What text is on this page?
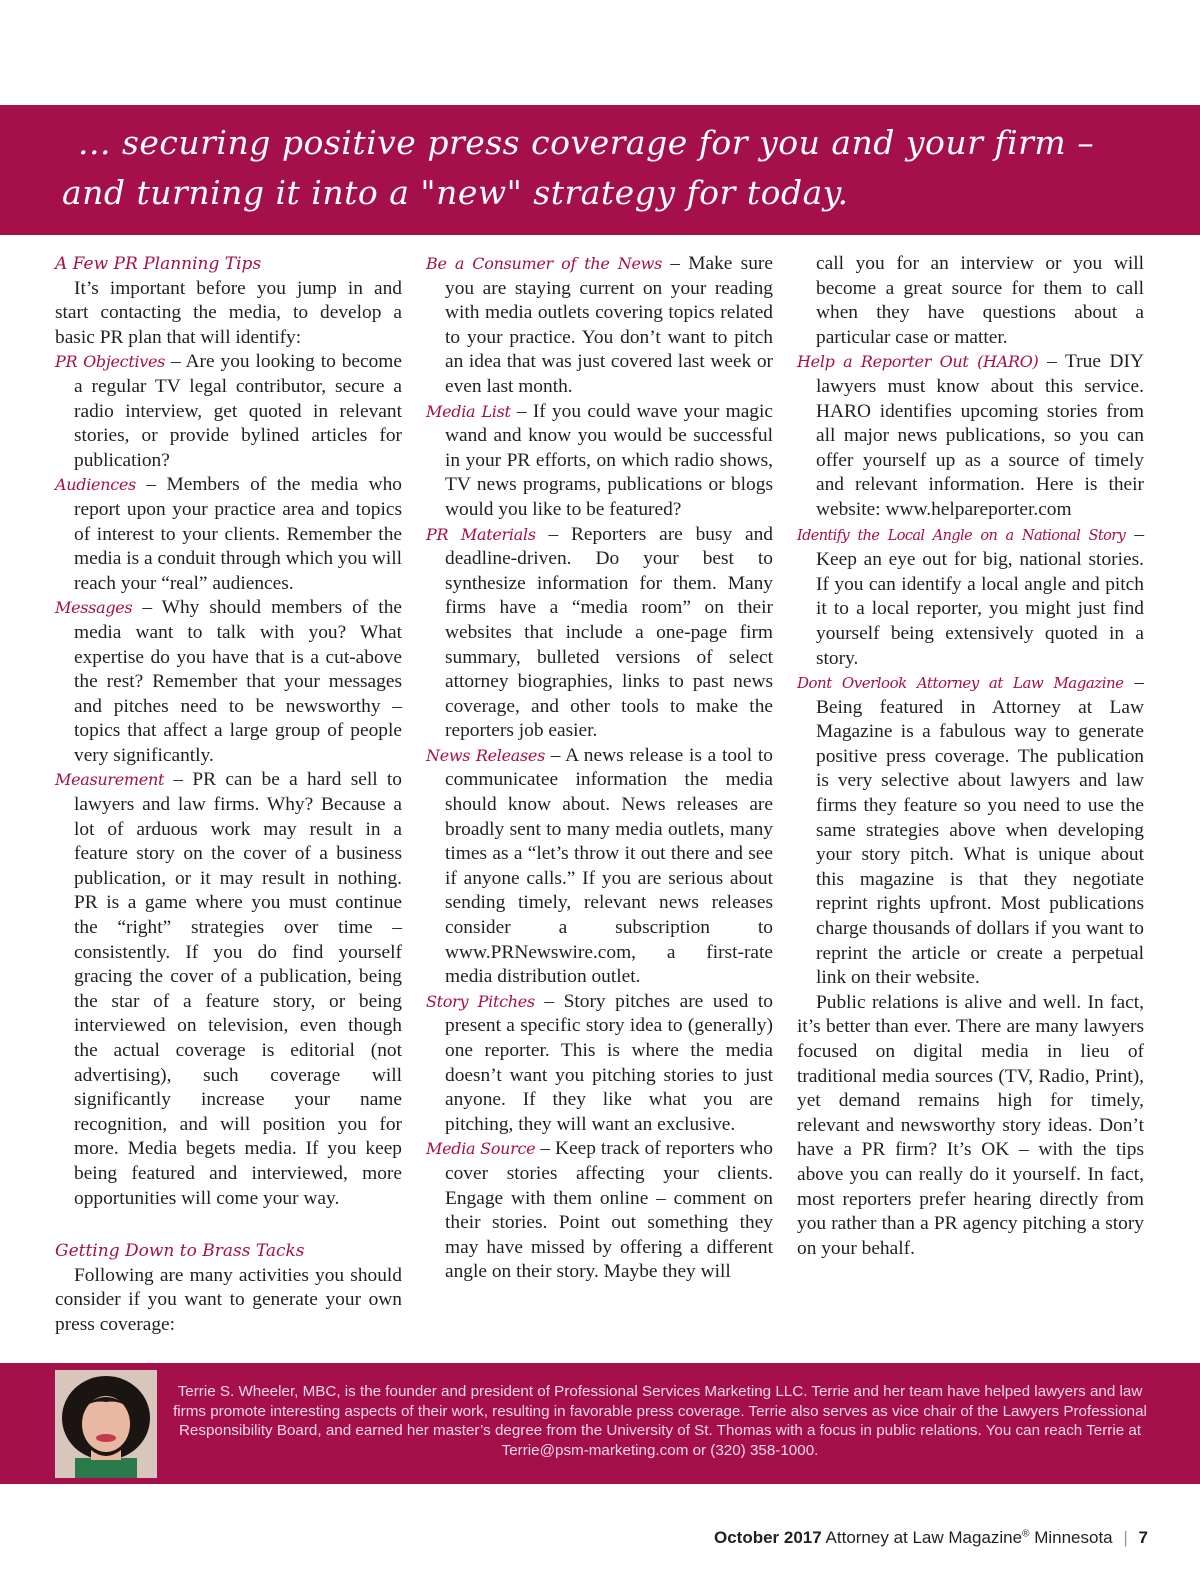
... securing positive press coverage for you and your firm –
and turning it into a "new" strategy for today.
A Few PR Planning Tips

It’s important before you jump in and start contacting the media, to develop a basic PR plan that will identify:

PR Objectives – Are you looking to become a regular TV legal contributor, secure a radio interview, get quoted in relevant stories, or provide bylined articles for publication?

Audiences – Members of the media who report upon your practice area and topics of interest to your clients. Remember the media is a conduit through which you will reach your “real” audiences.

Messages – Why should members of the media want to talk with you? What expertise do you have that is a cut-above the rest? Remember that your messages and pitches need to be newsworthy – topics that affect a large group of people very significantly.

Measurement – PR can be a hard sell to lawyers and law firms. Why? Because a lot of arduous work may result in a feature story on the cover of a business publication, or it may result in nothing. PR is a game where you must continue the “right” strategies over time – consistently. If you do find yourself gracing the cover of a publication, being the star of a feature story, or being interviewed on television, even though the actual coverage is editorial (not advertising), such coverage will significantly increase your name recognition, and will position you for more. Media begets media. If you keep being featured and interviewed, more opportunities will come your way.

Getting Down to Brass Tacks

Following are many activities you should consider if you want to generate your own press coverage:

Be a Consumer of the News – Make sure you are staying current on your reading with media outlets covering topics related to your practice. You don’t want to pitch an idea that was just covered last week or even last month.

Media List – If you could wave your magic wand and know you would be successful in your PR efforts, on which radio shows, TV news programs, publications or blogs would you like to be featured?

PR Materials – Reporters are busy and deadline-driven. Do your best to synthesize information for them. Many firms have a “media room” on their websites that include a one-page firm summary, bulleted versions of select attorney biographies, links to past news coverage, and other tools to make the reporters job easier.

News Releases – A news release is a tool to communicatee information the media should know about. News releases are broadly sent to many media outlets, many times as a “let’s throw it out there and see if anyone calls.” If you are serious about sending timely, relevant news releases consider a subscription to www.PRNewswire.com, a first-rate media distribution outlet.

Story Pitches – Story pitches are used to present a specific story idea to (generally) one reporter. This is where the media doesn’t want you pitching stories to just anyone. If they like what you are pitching, they will want an exclusive.

Media Source – Keep track of reporters who cover stories affecting your clients. Engage with them online – comment on their stories. Point out something they may have missed by offering a different angle on their story. Maybe they will

call you for an interview or you will become a great source for them to call when they have questions about a particular case or matter.

Help a Reporter Out (HARO) – True DIY lawyers must know about this service. HARO identifies upcoming stories from all major news publications, so you can offer yourself up as a source of timely and relevant information. Here is their website: www.helpareporter.com

Identify the Local Angle on a National Story – Keep an eye out for big, national stories. If you can identify a local angle and pitch it to a local reporter, you might just find yourself being extensively quoted in a story.

Dont Overlook Attorney at Law Magazine – Being featured in Attorney at Law Magazine is a fabulous way to generate positive press coverage. The publication is very selective about lawyers and law firms they feature so you need to use the same strategies above when developing your story pitch. What is unique about this magazine is that they negotiate reprint rights upfront. Most publications charge thousands of dollars if you want to reprint the article or create a perpetual link on their website.

Public relations is alive and well. In fact, it’s better than ever. There are many lawyers focused on digital media in lieu of traditional media sources (TV, Radio, Print), yet demand remains high for timely, relevant and newsworthy story ideas. Don’t have a PR firm? It’s OK – with the tips above you can really do it yourself. In fact, most reporters prefer hearing directly from you rather than a PR agency pitching a story on your behalf.

Terrie S. Wheeler, MBC, is the founder and president of Professional Services Marketing LLC. Terrie and her team have helped lawyers and law firms promote interesting aspects of their work, resulting in favorable press coverage. Terrie also serves as vice chair of the Lawyers Professional Responsibility Board, and earned her master’s degree from the University of St. Thomas with a focus in public relations. You can reach Terrie at Terrie@psm-marketing.com or (320) 358-1000.
October 2017 Attorney at Law Magazine® Minnesota | 7
